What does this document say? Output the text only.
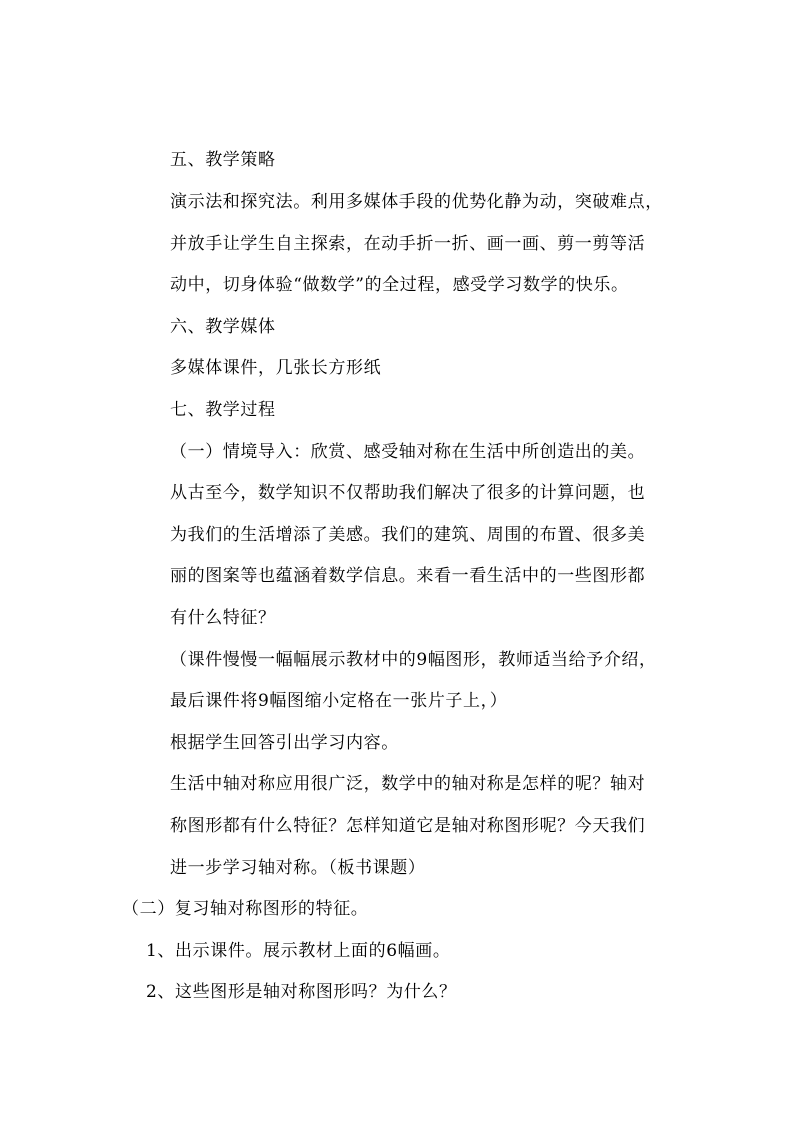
五、教学策略
演示法和探究法。利用多媒体手段的优势化静为动，突破难点，
并放手让学生自主探索，在动手折一折、画一画、剪一剪等活
动中，切身体验“做数学”的全过程，感受学习数学的快乐。
六、教学媒体
多媒体课件，几张长方形纸
七、教学过程
（一）情境导入：欣赏、感受轴对称在生活中所创造出的美。
从古至今，数学知识不仅帮助我们解决了很多的计算问题，也
为我们的生活增添了美感。我们的建筑、周围的布置、很多美
丽的图案等也蕴涵着数学信息。来看一看生活中的一些图形都
有什么特征？
（课件慢慢一幅幅展示教材中的9幅图形，教师适当给予介绍，
最后课件将9幅图缩小定格在一张片子上，）
根据学生回答引出学习内容。
生活中轴对称应用很广泛，数学中的轴对称是怎样的呢？轴对
称图形都有什么特征？怎样知道它是轴对称图形呢？今天我们
进一步学习轴对称。（板书课题）
（二）复习轴对称图形的特征。
1、出示课件。展示教材上面的6幅画。
2、这些图形是轴对称图形吗？为什么？
